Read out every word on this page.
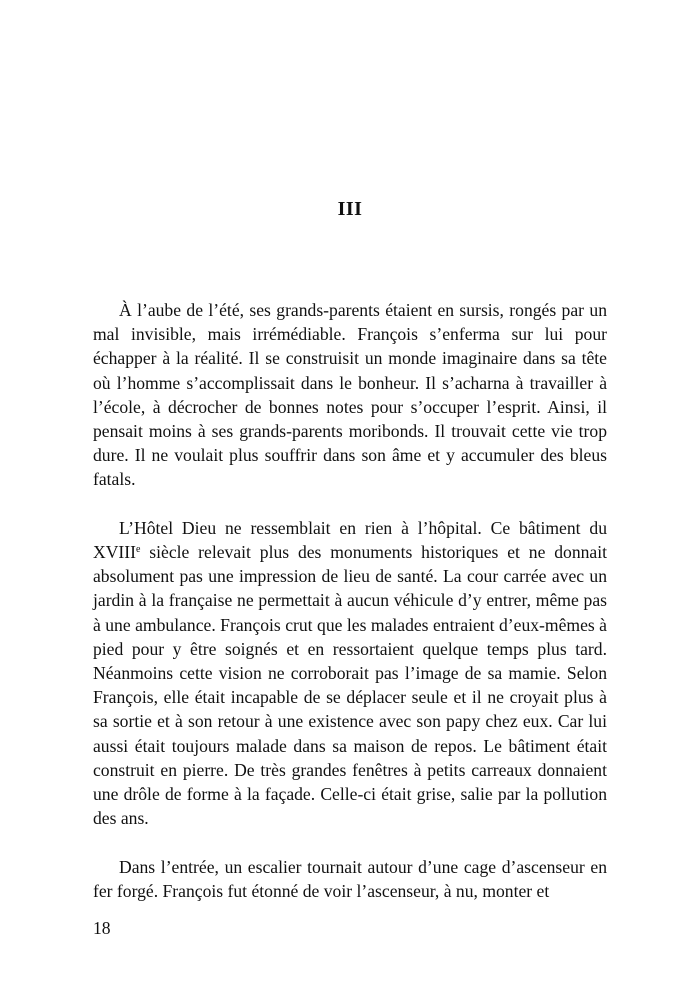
III

À l’aube de l’été, ses grands-parents étaient en sursis, rongés par un mal invisible, mais irrémédiable. François s’enferma sur lui pour échapper à la réalité. Il se construisit un monde imaginaire dans sa tête où l’homme s’accomplissait dans le bonheur. Il s’acharna à travailler à l’école, à décrocher de bonnes notes pour s’occuper l’esprit. Ainsi, il pensait moins à ses grands-parents moribonds. Il trouvait cette vie trop dure. Il ne voulait plus souffrir dans son âme et y accumuler des bleus fatals.

L’Hôtel Dieu ne ressemblait en rien à l’hôpital. Ce bâtiment du XVIIIe siècle relevait plus des monuments historiques et ne donnait absolument pas une impression de lieu de santé. La cour carrée avec un jardin à la française ne permettait à aucun véhicule d’y entrer, même pas à une ambulance. François crut que les malades entraient d’eux-mêmes à pied pour y être soignés et en ressortaient quelque temps plus tard. Néanmoins cette vision ne corroborait pas l’image de sa mamie. Selon François, elle était incapable de se déplacer seule et il ne croyait plus à sa sortie et à son retour à une existence avec son papy chez eux. Car lui aussi était toujours malade dans sa maison de repos. Le bâtiment était construit en pierre. De très grandes fenêtres à petits carreaux donnaient une drôle de forme à la façade. Celle-ci était grise, salie par la pollution des ans.

Dans l’entrée, un escalier tournait autour d’une cage d’ascenseur en fer forgé. François fut étonné de voir l’ascenseur, à nu, monter et

18
